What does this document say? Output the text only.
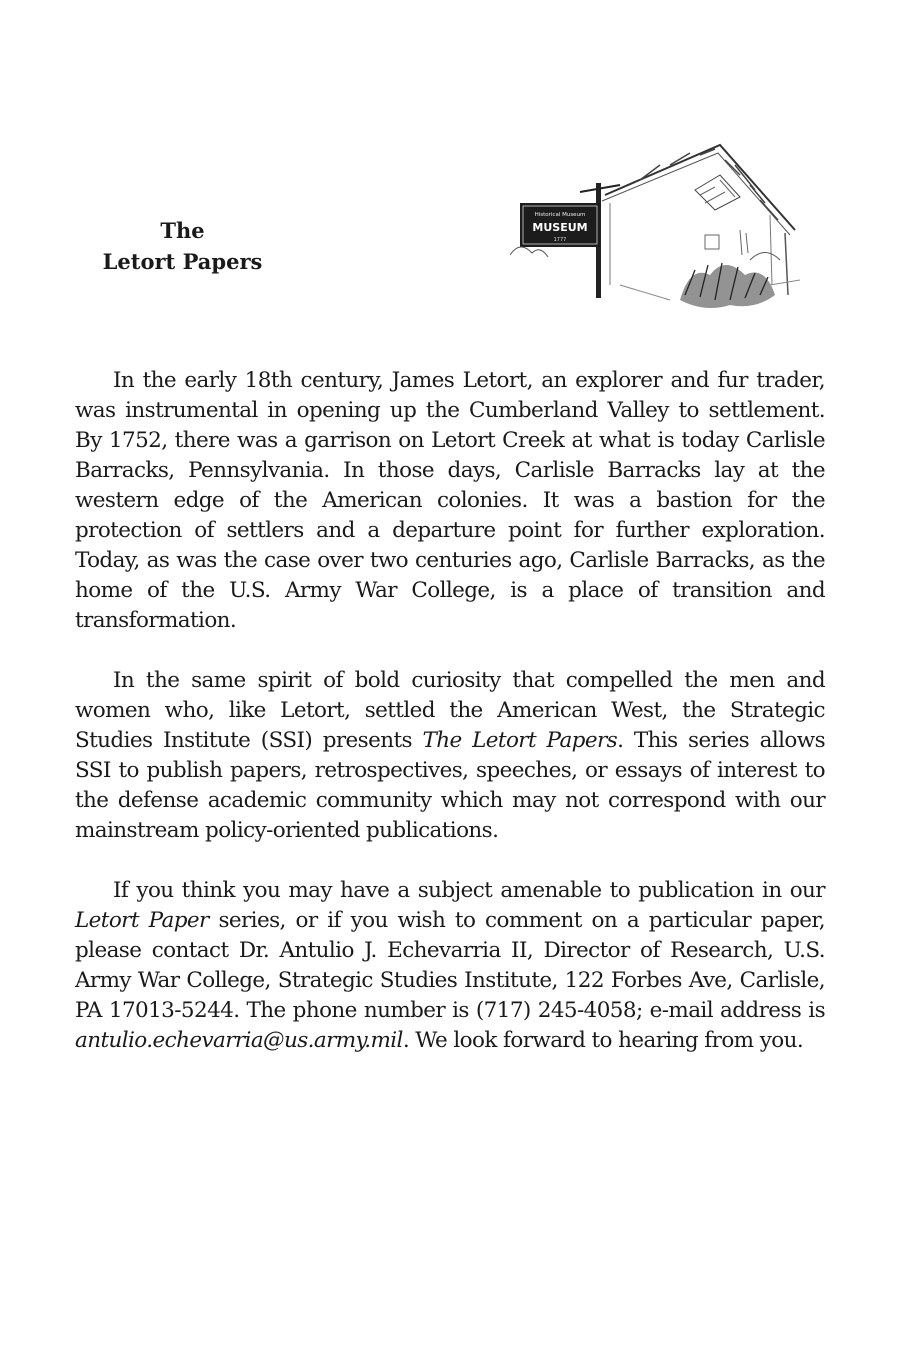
The
Letort Papers
Historical Museum
MUSEUM
1777

In the early 18th century, James Letort, an explorer and fur trader, was instrumental in opening up the Cumberland Valley to settlement. By 1752, there was a garrison on Letort Creek at what is today Carlisle Barracks, Pennsylvania. In those days, Carlisle Barracks lay at the western edge of the American colonies. It was a bastion for the protection of settlers and a departure point for further exploration. Today, as was the case over two centuries ago, Carlisle Barracks, as the home of the U.S. Army War College, is a place of transition and transformation.

In the same spirit of bold curiosity that compelled the men and women who, like Letort, settled the American West, the Strategic Studies Institute (SSI) presents The Letort Papers. This series allows SSI to publish papers, retrospectives, speeches, or essays of interest to the defense academic community which may not correspond with our mainstream policy-oriented publications.

If you think you may have a subject amenable to publication in our Letort Paper series, or if you wish to comment on a particular paper, please contact Dr. Antulio J. Echevarria II, Director of Research, U.S. Army War College, Strategic Studies Institute, 122 Forbes Ave, Carlisle, PA 17013-5244. The phone number is (717) 245-4058; e-mail address is antulio.echevarria@us.army.mil. We look forward to hearing from you.
